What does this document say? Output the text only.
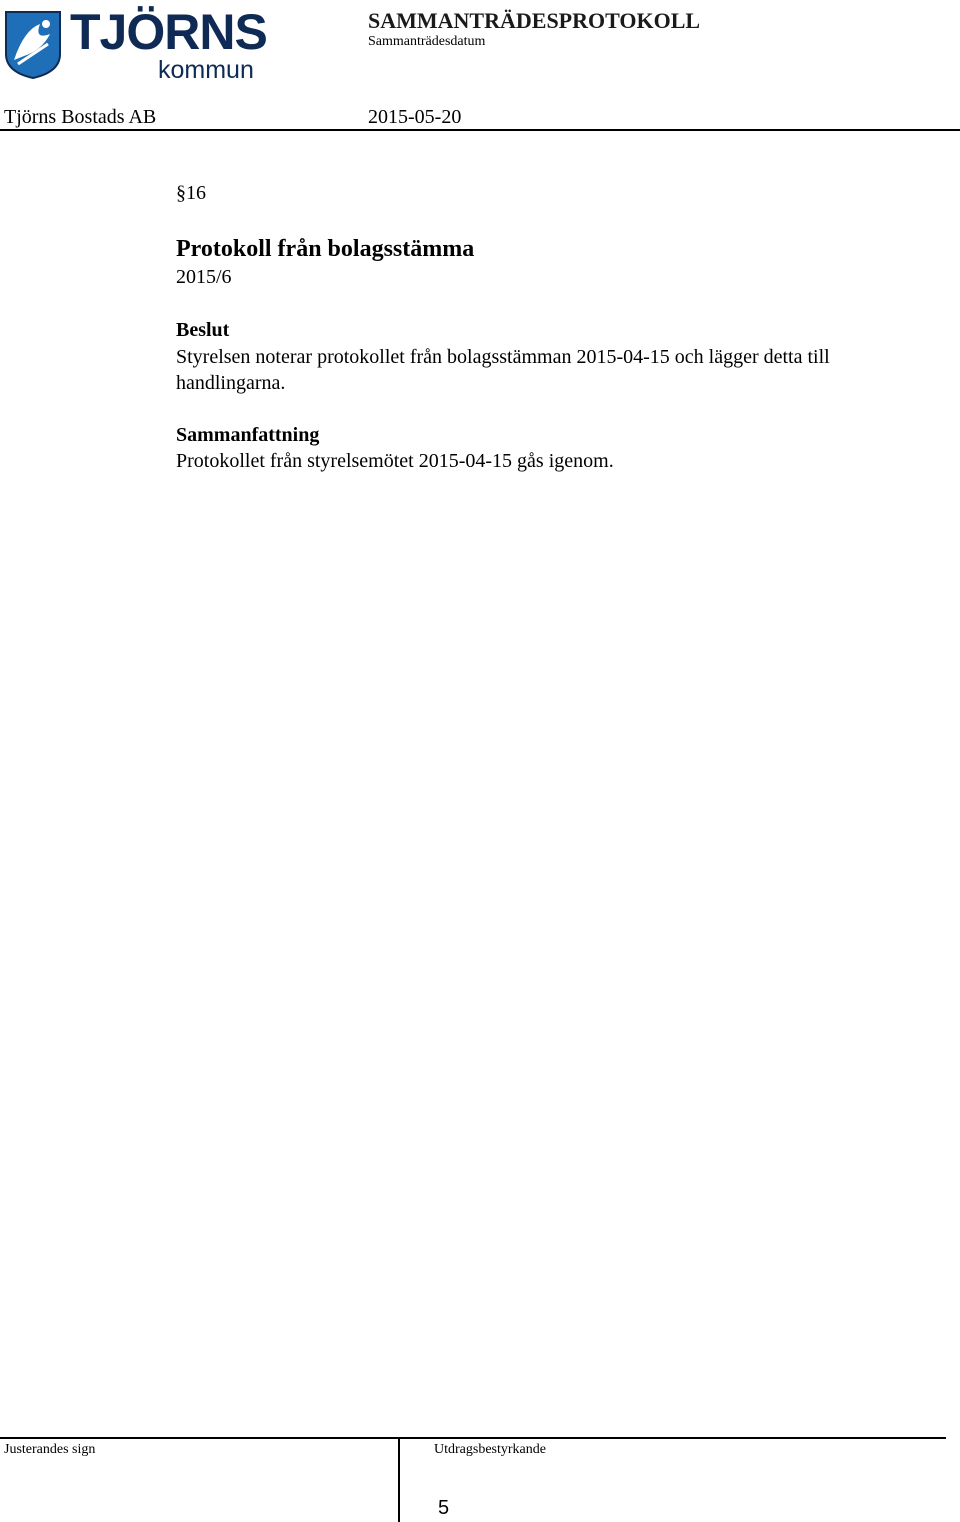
TJÖRNS
kommun
SAMMANTRÄDESPROTOKOLL
Sammanträdesdatum
Tjörns Bostads AB	2015-05-20
§16
Protokoll från bolagsstämma
2015/6
Beslut
Styrelsen noterar protokollet från bolagsstämman 2015-04-15 och lägger detta till handlingarna.
Sammanfattning
Protokollet från styrelsemötet 2015-04-15 gås igenom.
Justerandes sign	Utdragsbestyrkande
5
